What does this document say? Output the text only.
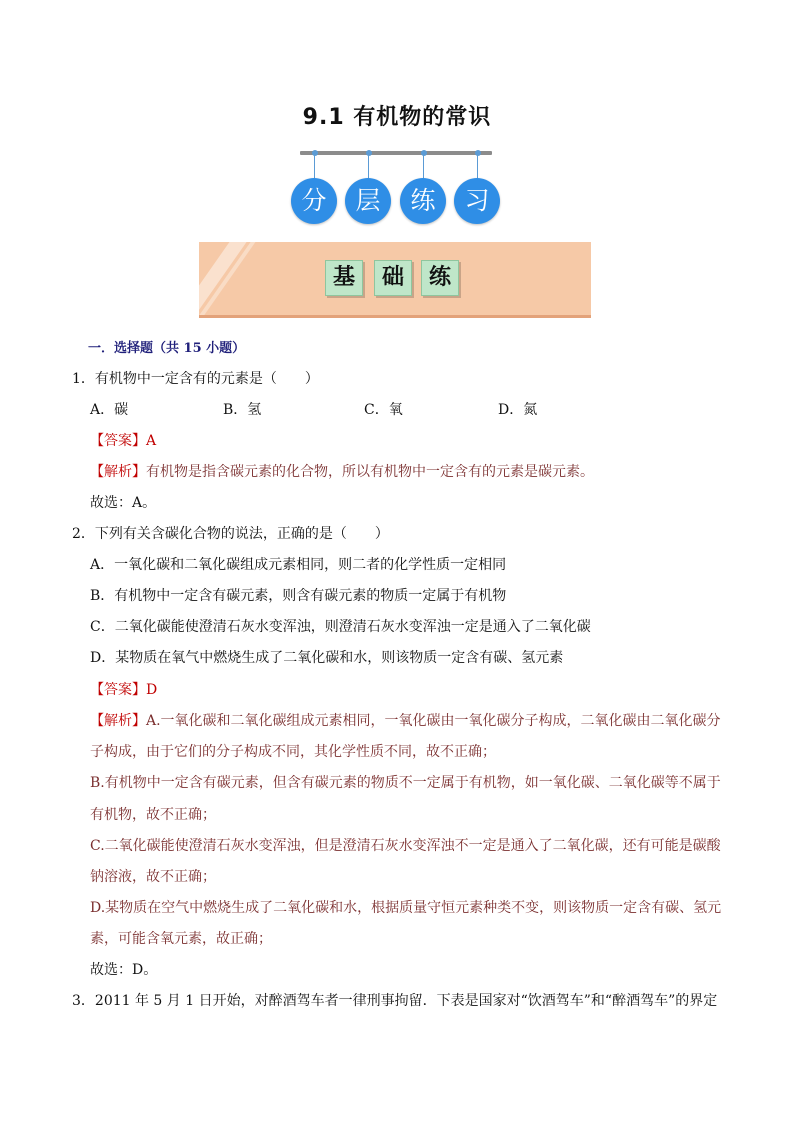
9.1 有机物的常识
分	层	练	习
基	础	练
一．选择题（共 15 小题）
1．有机物中一定含有的元素是（　　）
A．碳	B．氢	C．氧	D．氮
【答案】A
【解析】有机物是指含碳元素的化合物，所以有机物中一定含有的元素是碳元素。
故选：A。
2．下列有关含碳化合物的说法，正确的是（　　）
A．一氧化碳和二氧化碳组成元素相同，则二者的化学性质一定相同
B．有机物中一定含有碳元素，则含有碳元素的物质一定属于有机物
C．二氧化碳能使澄清石灰水变浑浊，则澄清石灰水变浑浊一定是通入了二氧化碳
D．某物质在氧气中燃烧生成了二氧化碳和水，则该物质一定含有碳、氢元素
【答案】D
【解析】A.一氧化碳和二氧化碳组成元素相同，一氧化碳由一氧化碳分子构成，二氧化碳由二氧化碳分
子构成，由于它们的分子构成不同，其化学性质不同，故不正确；
B.有机物中一定含有碳元素，但含有碳元素的物质不一定属于有机物，如一氧化碳、二氧化碳等不属于
有机物，故不正确；
C.二氧化碳能使澄清石灰水变浑浊，但是澄清石灰水变浑浊不一定是通入了二氧化碳，还有可能是碳酸
钠溶液，故不正确；
D.某物质在空气中燃烧生成了二氧化碳和水，根据质量守恒元素种类不变，则该物质一定含有碳、氢元
素，可能含氧元素，故正确；
故选：D。
3．2011 年 5 月 1 日开始，对醉酒驾车者一律刑事拘留．下表是国家对“饮酒驾车”和“醉酒驾车”的界定
